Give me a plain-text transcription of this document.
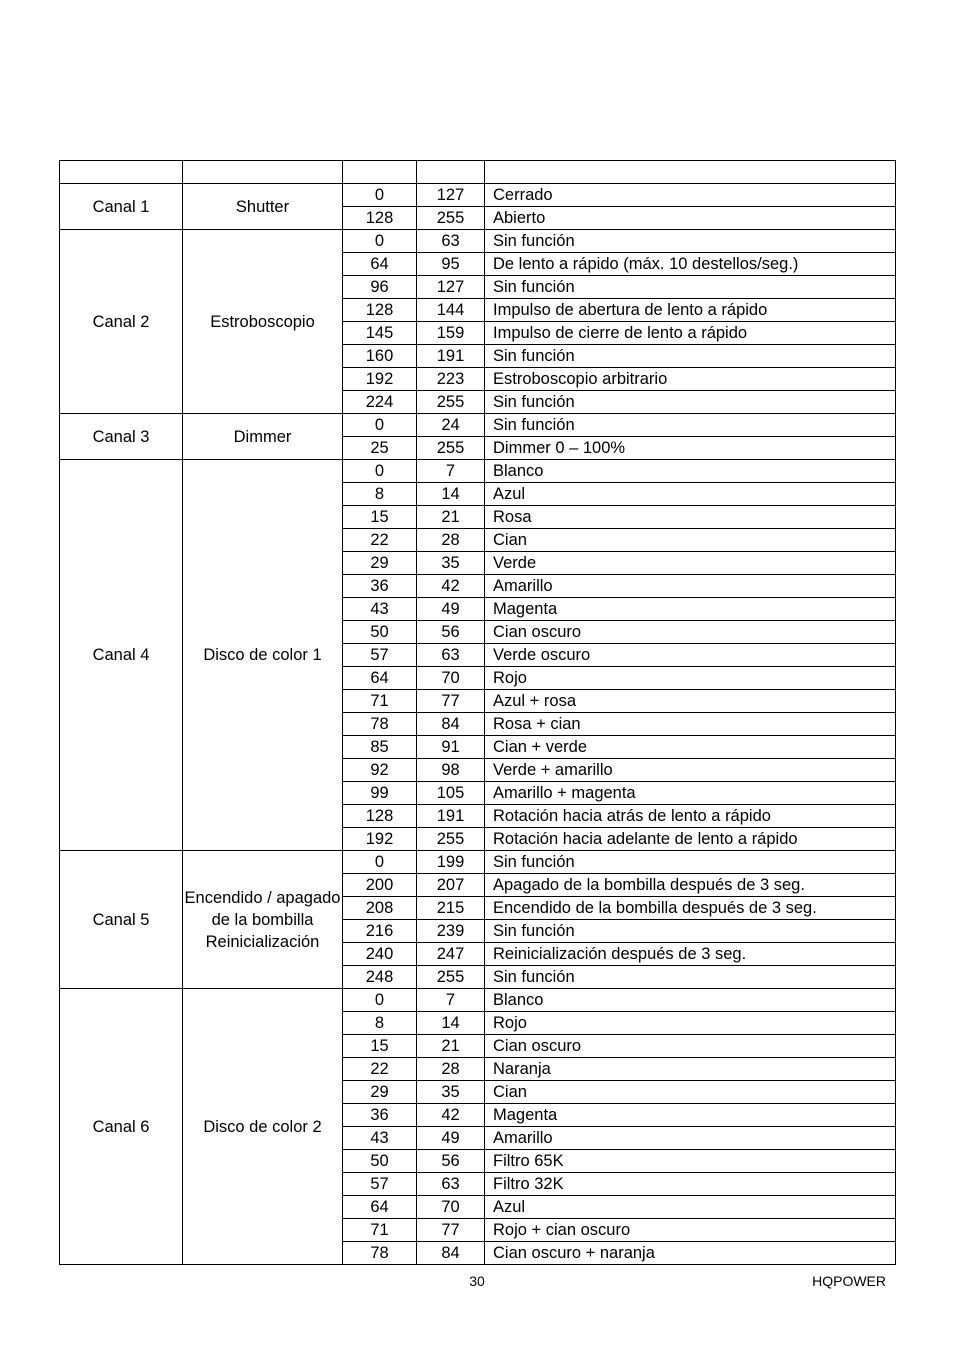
Canal 1	Shutter	0	127	Cerrado
		128	255	Abierto
Canal 2	Estroboscopio	0	63	Sin función
		64	95	De lento a rápido (máx. 10 destellos/seg.)
		96	127	Sin función
		128	144	Impulso de abertura de lento a rápido
		145	159	Impulso de cierre de lento a rápido
		160	191	Sin función
		192	223	Estroboscopio arbitrario
		224	255	Sin función
Canal 3	Dimmer	0	24	Sin función
		25	255	Dimmer 0 – 100%
Canal 4	Disco de color 1	0	7	Blanco
		8	14	Azul
		15	21	Rosa
		22	28	Cian
		29	35	Verde
		36	42	Amarillo
		43	49	Magenta
		50	56	Cian oscuro
		57	63	Verde oscuro
		64	70	Rojo
		71	77	Azul + rosa
		78	84	Rosa + cian
		85	91	Cian + verde
		92	98	Verde + amarillo
		99	105	Amarillo + magenta
		128	191	Rotación hacia atrás de lento a rápido
		192	255	Rotación hacia adelante de lento a rápido
Canal 5	Encendido / apagado de la bombilla Reinicialización	0	199	Sin función
		200	207	Apagado de la bombilla después de 3 seg.
		208	215	Encendido de la bombilla después de 3 seg.
		216	239	Sin función
		240	247	Reinicialización después de 3 seg.
		248	255	Sin función
Canal 6	Disco de color 2	0	7	Blanco
		8	14	Rojo
		15	21	Cian oscuro
		22	28	Naranja
		29	35	Cian
		36	42	Magenta
		43	49	Amarillo
		50	56	Filtro 65K
		57	63	Filtro 32K
		64	70	Azul
		71	77	Rojo + cian oscuro
		78	84	Cian oscuro + naranja
30	HQPOWER
